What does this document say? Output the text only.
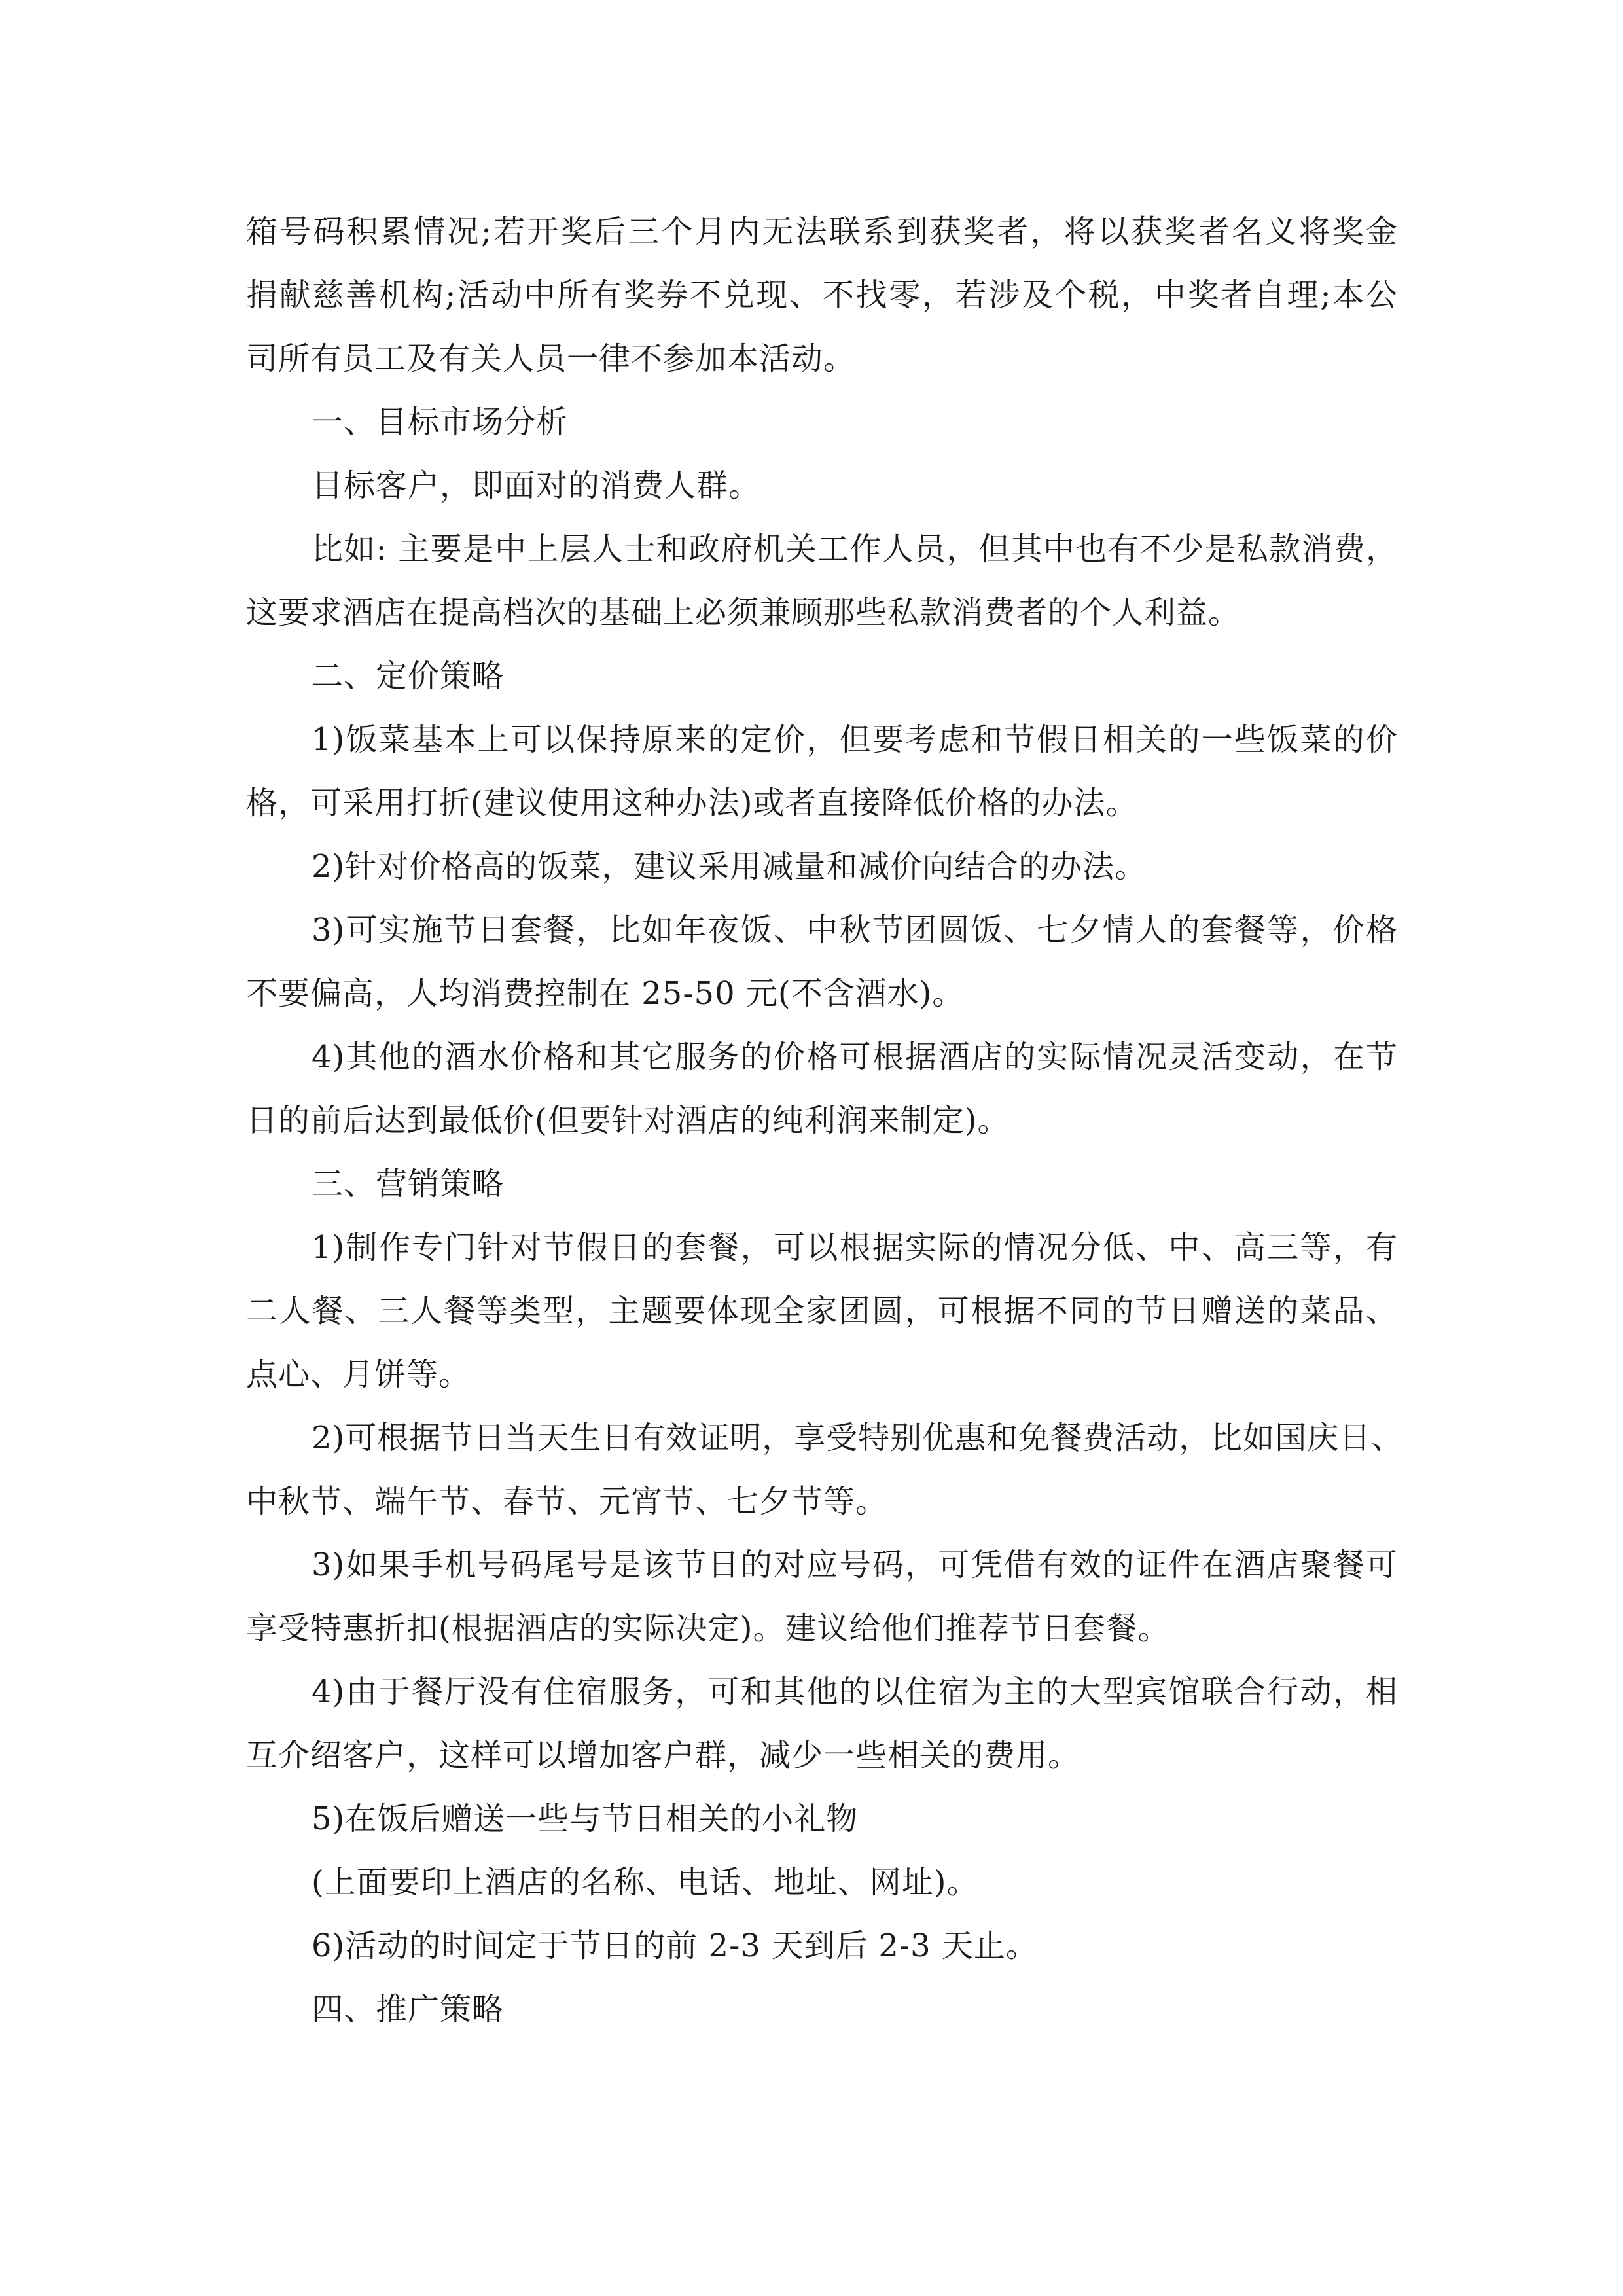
箱号码积累情况;若开奖后三个月内无法联系到获奖者，将以获奖者名义将奖金
捐献慈善机构;活动中所有奖券不兑现、不找零，若涉及个税，中奖者自理;本公
司所有员工及有关人员一律不参加本活动。
一、目标市场分析
目标客户，即面对的消费人群。
比如: 主要是中上层人士和政府机关工作人员，但其中也有不少是私款消费，
这要求酒店在提高档次的基础上必须兼顾那些私款消费者的个人利益。
二、定价策略
1)饭菜基本上可以保持原来的定价，但要考虑和节假日相关的一些饭菜的价
格，可采用打折(建议使用这种办法)或者直接降低价格的办法。
2)针对价格高的饭菜，建议采用减量和减价向结合的办法。
3)可实施节日套餐，比如年夜饭、中秋节团圆饭、七夕情人的套餐等，价格
不要偏高，人均消费控制在 25-50 元(不含酒水)。
4)其他的酒水价格和其它服务的价格可根据酒店的实际情况灵活变动，在节
日的前后达到最低价(但要针对酒店的纯利润来制定)。
三、营销策略
1)制作专门针对节假日的套餐，可以根据实际的情况分低、中、高三等，有
二人餐、三人餐等类型，主题要体现全家团圆，可根据不同的节日赠送的菜品、
点心、月饼等。
2)可根据节日当天生日有效证明，享受特别优惠和免餐费活动，比如国庆日、
中秋节、端午节、春节、元宵节、七夕节等。
3)如果手机号码尾号是该节日的对应号码，可凭借有效的证件在酒店聚餐可
享受特惠折扣(根据酒店的实际决定)。建议给他们推荐节日套餐。
4)由于餐厅没有住宿服务，可和其他的以住宿为主的大型宾馆联合行动，相
互介绍客户，这样可以增加客户群，减少一些相关的费用。
5)在饭后赠送一些与节日相关的小礼物
(上面要印上酒店的名称、电话、地址、网址)。
6)活动的时间定于节日的前 2-3 天到后 2-3 天止。
四、推广策略
